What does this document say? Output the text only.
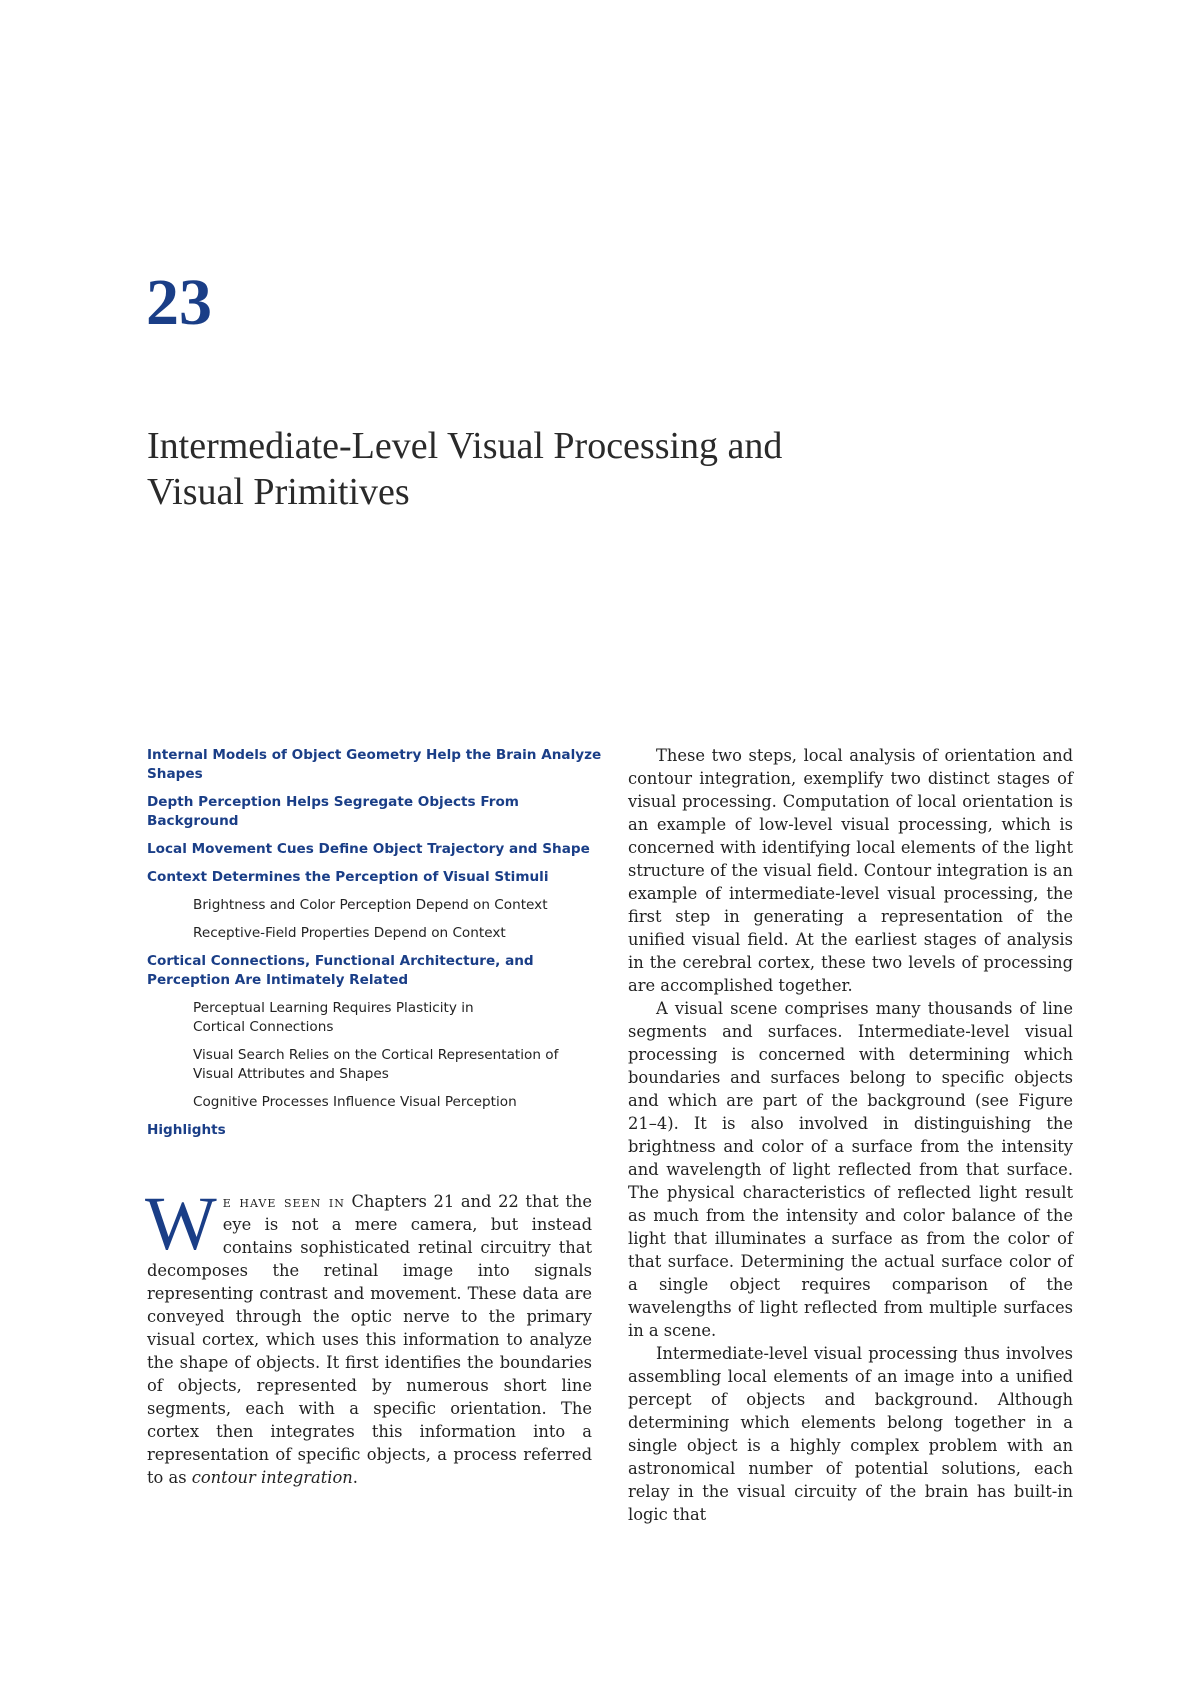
23
Intermediate-Level Visual Processing and
Visual Primitives
Internal Models of Object Geometry Help the Brain Analyze Shapes
Depth Perception Helps Segregate Objects From Background
Local Movement Cues Define Object Trajectory and Shape
Context Determines the Perception of Visual Stimuli
Brightness and Color Perception Depend on Context
Receptive-Field Properties Depend on Context
Cortical Connections, Functional Architecture, and Perception Are Intimately Related
Perceptual Learning Requires Plasticity in Cortical Connections
Visual Search Relies on the Cortical Representation of Visual Attributes and Shapes
Cognitive Processes Influence Visual Perception
Highlights

We have seen in Chapters 21 and 22 that the eye is not a mere camera, but instead contains sophisticated retinal circuitry that decomposes the retinal image into signals representing contrast and movement. These data are conveyed through the optic nerve to the primary visual cortex, which uses this information to analyze the shape of objects. It first identifies the boundaries of objects, represented by numerous short line segments, each with a specific orientation. The cortex then integrates this information into a representation of specific objects, a process referred to as contour integration.

These two steps, local analysis of orientation and contour integration, exemplify two distinct stages of visual processing. Computation of local orientation is an example of low-level visual processing, which is concerned with identifying local elements of the light structure of the visual field. Contour integration is an example of intermediate-level visual processing, the first step in generating a representation of the unified visual field. At the earliest stages of analysis in the cerebral cortex, these two levels of processing are accomplished together.

A visual scene comprises many thousands of line segments and surfaces. Intermediate-level visual processing is concerned with determining which boundaries and surfaces belong to specific objects and which are part of the background (see Figure 21–4). It is also involved in distinguishing the brightness and color of a surface from the intensity and wavelength of light reflected from that surface. The physical characteristics of reflected light result as much from the intensity and color balance of the light that illuminates a surface as from the color of that surface. Determining the actual surface color of a single object requires comparison of the wavelengths of light reflected from multiple surfaces in a scene.

Intermediate-level visual processing thus involves assembling local elements of an image into a unified percept of objects and background. Although determining which elements belong together in a single object is a highly complex problem with an astronomical number of potential solutions, each relay in the visual circuity of the brain has built-in logic that
